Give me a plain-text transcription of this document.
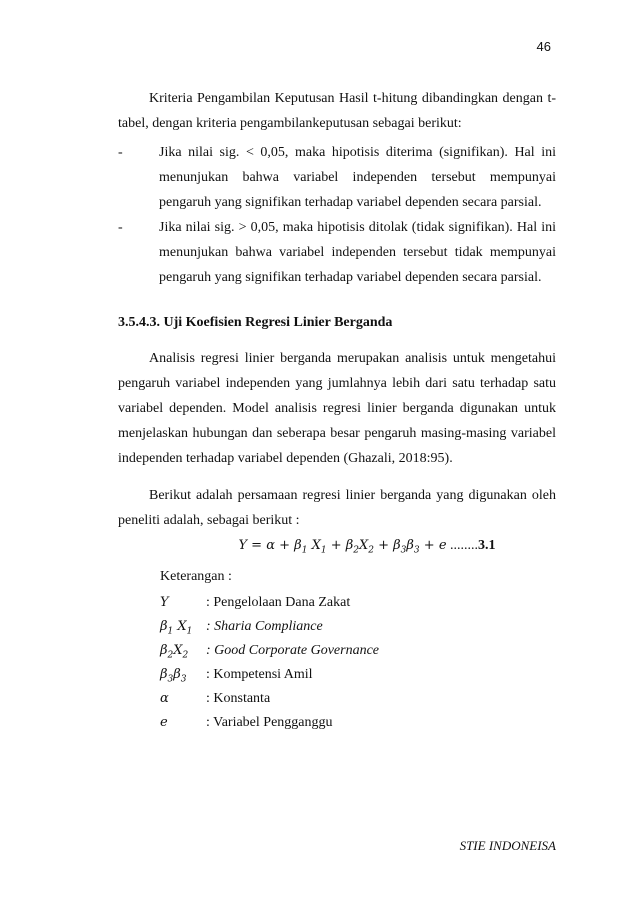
46

Kriteria Pengambilan Keputusan Hasil t-hitung dibandingkan dengan t-tabel, dengan kriteria pengambilankeputusan sebagai berikut:

-	Jika nilai sig. < 0,05, maka hipotisis diterima (signifikan). Hal ini menunjukan bahwa variabel independen tersebut mempunyai pengaruh yang signifikan terhadap variabel dependen secara parsial.
-	Jika nilai sig. > 0,05, maka hipotisis ditolak (tidak signifikan). Hal ini menunjukan bahwa variabel independen tersebut tidak mempunyai pengaruh yang signifikan terhadap variabel dependen secara parsial.

3.5.4.3. Uji Koefisien Regresi Linier Berganda

Analisis regresi linier berganda merupakan analisis untuk mengetahui pengaruh variabel independen yang jumlahnya lebih dari satu terhadap satu variabel dependen. Model analisis regresi linier berganda digunakan untuk menjelaskan hubungan dan seberapa besar pengaruh masing-masing variabel independen terhadap variabel dependen (Ghazali, 2018:95).

Berikut adalah persamaan regresi linier berganda yang digunakan oleh peneliti adalah, sebagai berikut :

$Y = \alpha + \beta_1$ $X_1 + \beta_2X_2 + \beta_3\beta_3 + e$ ........3.1

Keterangan :
Y	: Pengelolaan Dana Zakat
$\beta_1$ $X_1$ : Sharia Compliance
$\beta_2X_2$	: Good Corporate Governance
$\beta_3\beta_3$	: Kompetensi Amil
α	: Konstanta
e	: Variabel Pengganggu
STIE INDONEISA
